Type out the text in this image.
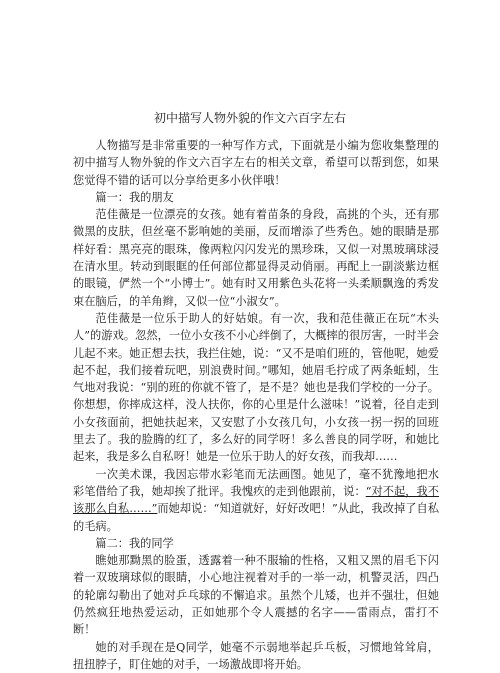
初中描写人物外貌的作文六百字左右

人物描写是非常重要的一种写作方式，下面就是小编为您收集整理的初中描写人物外貌的作文六百字左右的相关文章，希望可以帮到您，如果您觉得不错的话可以分享给更多小伙伴哦！

篇一：我的朋友

范佳薇是一位漂亮的女孩。她有着苗条的身段，高挑的个头，还有那微黑的皮肤，但丝毫不影响她的美丽，反而增添了些秀色。她的眼睛是那样好看：黑亮亮的眼珠，像两粒闪闪发光的黑珍珠，又似一对黑玻璃球浸在清水里。转动到眼眶的任何部位都显得灵动俏丽。再配上一副淡紫边框的眼镜，俨然一个“小博士”。她有时又用紫色头花将一头柔顺飘逸的秀发束在脑后，的羊角辫，又似一位“小淑女”。

范佳薇是一位乐于助人的好姑娘。有一次，我和范佳薇正在玩“木头人”的游戏。忽然，一位小女孩不小心绊倒了，大概摔的很厉害，一时半会儿起不来。她正想去扶，我拦住她，说：“又不是咱们班的，管他呢，她爱起不起，我们接着玩吧，别浪费时间。”哪知，她眉毛拧成了两条蚯蚓，生气地对我说：“别的班的你就不管了，是不是？她也是我们学校的一分子。你想想，你摔成这样，没人扶你，你的心里是什么滋味！”说着，径自走到小女孩面前，把她扶起来，又安慰了小女孩几句，小女孩一拐一拐的回班里去了。我的脸腾的红了，多么好的同学呀！多么善良的同学呀，和她比起来，我是多么自私呀！她是一位乐于助人的好女孩，而我却……

一次美术课，我因忘带水彩笔而无法画图。她见了，毫不犹豫地把水彩笔借给了我，她却挨了批评。我愧疚的走到他跟前，说：“对不起，我不该那么自私……”而她却说：“知道就好，好好改吧！”从此，我改掉了自私的毛病。

篇二：我的同学

瞧她那黝黑的脸蛋，透露着一种不服输的性格，又粗又黑的眉毛下闪着一双玻璃球似的眼睛，小心地注视着对手的一举一动，机警灵活，四凸的轮廓勾勒出了她对乒乓球的不懈追求。虽然个儿矮，也并不强壮，但她仍然疯狂地热爱运动，正如她那个令人震撼的名字——雷雨点，雷打不断！

她的对手现在是Q同学，她毫不示弱地举起乒乓板，习惯地耸耸肩，扭扭脖子，盯住她的对手，一场激战即将开始。
